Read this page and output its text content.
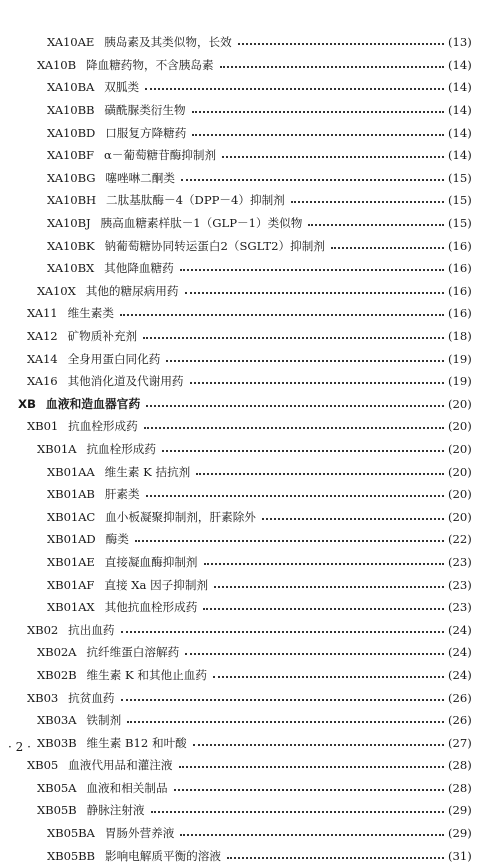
XA10AE 胰岛素及其类似物，长效	(13)
XA10B 降血糖药物，不含胰岛素	(14)
XA10BA 双胍类	(14)
XA10BB 磺酰脲类衍生物	(14)
XA10BD 口服复方降糖药	(14)
XA10BF α－葡萄糖苷酶抑制剂	(14)
XA10BG 噻唑啉二酮类	(15)
XA10BH 二肽基肽酶－4（DPP－4）抑制剂	(15)
XA10BJ 胰高血糖素样肽－1（GLP－1）类似物	(15)
XA10BK 钠葡萄糖协同转运蛋白2（SGLT2）抑制剂	(16)
XA10BX 其他降血糖药	(16)
XA10X 其他的糖尿病用药	(16)
XA11 维生素类	(16)
XA12 矿物质补充剂	(18)
XA14 全身用蛋白同化药	(19)
XA16 其他消化道及代谢用药	(19)
XB 血液和造血器官药	(20)
XB01 抗血栓形成药	(20)
XB01A 抗血栓形成药	(20)
XB01AA 维生素 K 拮抗剂	(20)
XB01AB 肝素类	(20)
XB01AC 血小板凝聚抑制剂，肝素除外	(20)
XB01AD 酶类	(22)
XB01AE 直接凝血酶抑制剂	(23)
XB01AF 直接 Xa 因子抑制剂	(23)
XB01AX 其他抗血栓形成药	(23)
XB02 抗出血药	(24)
XB02A 抗纤维蛋白溶解药	(24)
XB02B 维生素 K 和其他止血药	(24)
XB03 抗贫血药	(26)
XB03A 铁制剂	(26)
XB03B 维生素 B12 和叶酸	(27)
XB05 血液代用品和灌注液	(28)
XB05A 血液和相关制品	(28)
XB05B 静脉注射液	(29)
XB05BA 胃肠外营养液	(29)
XB05BB 影响电解质平衡的溶液	(31)
· 2 ·
